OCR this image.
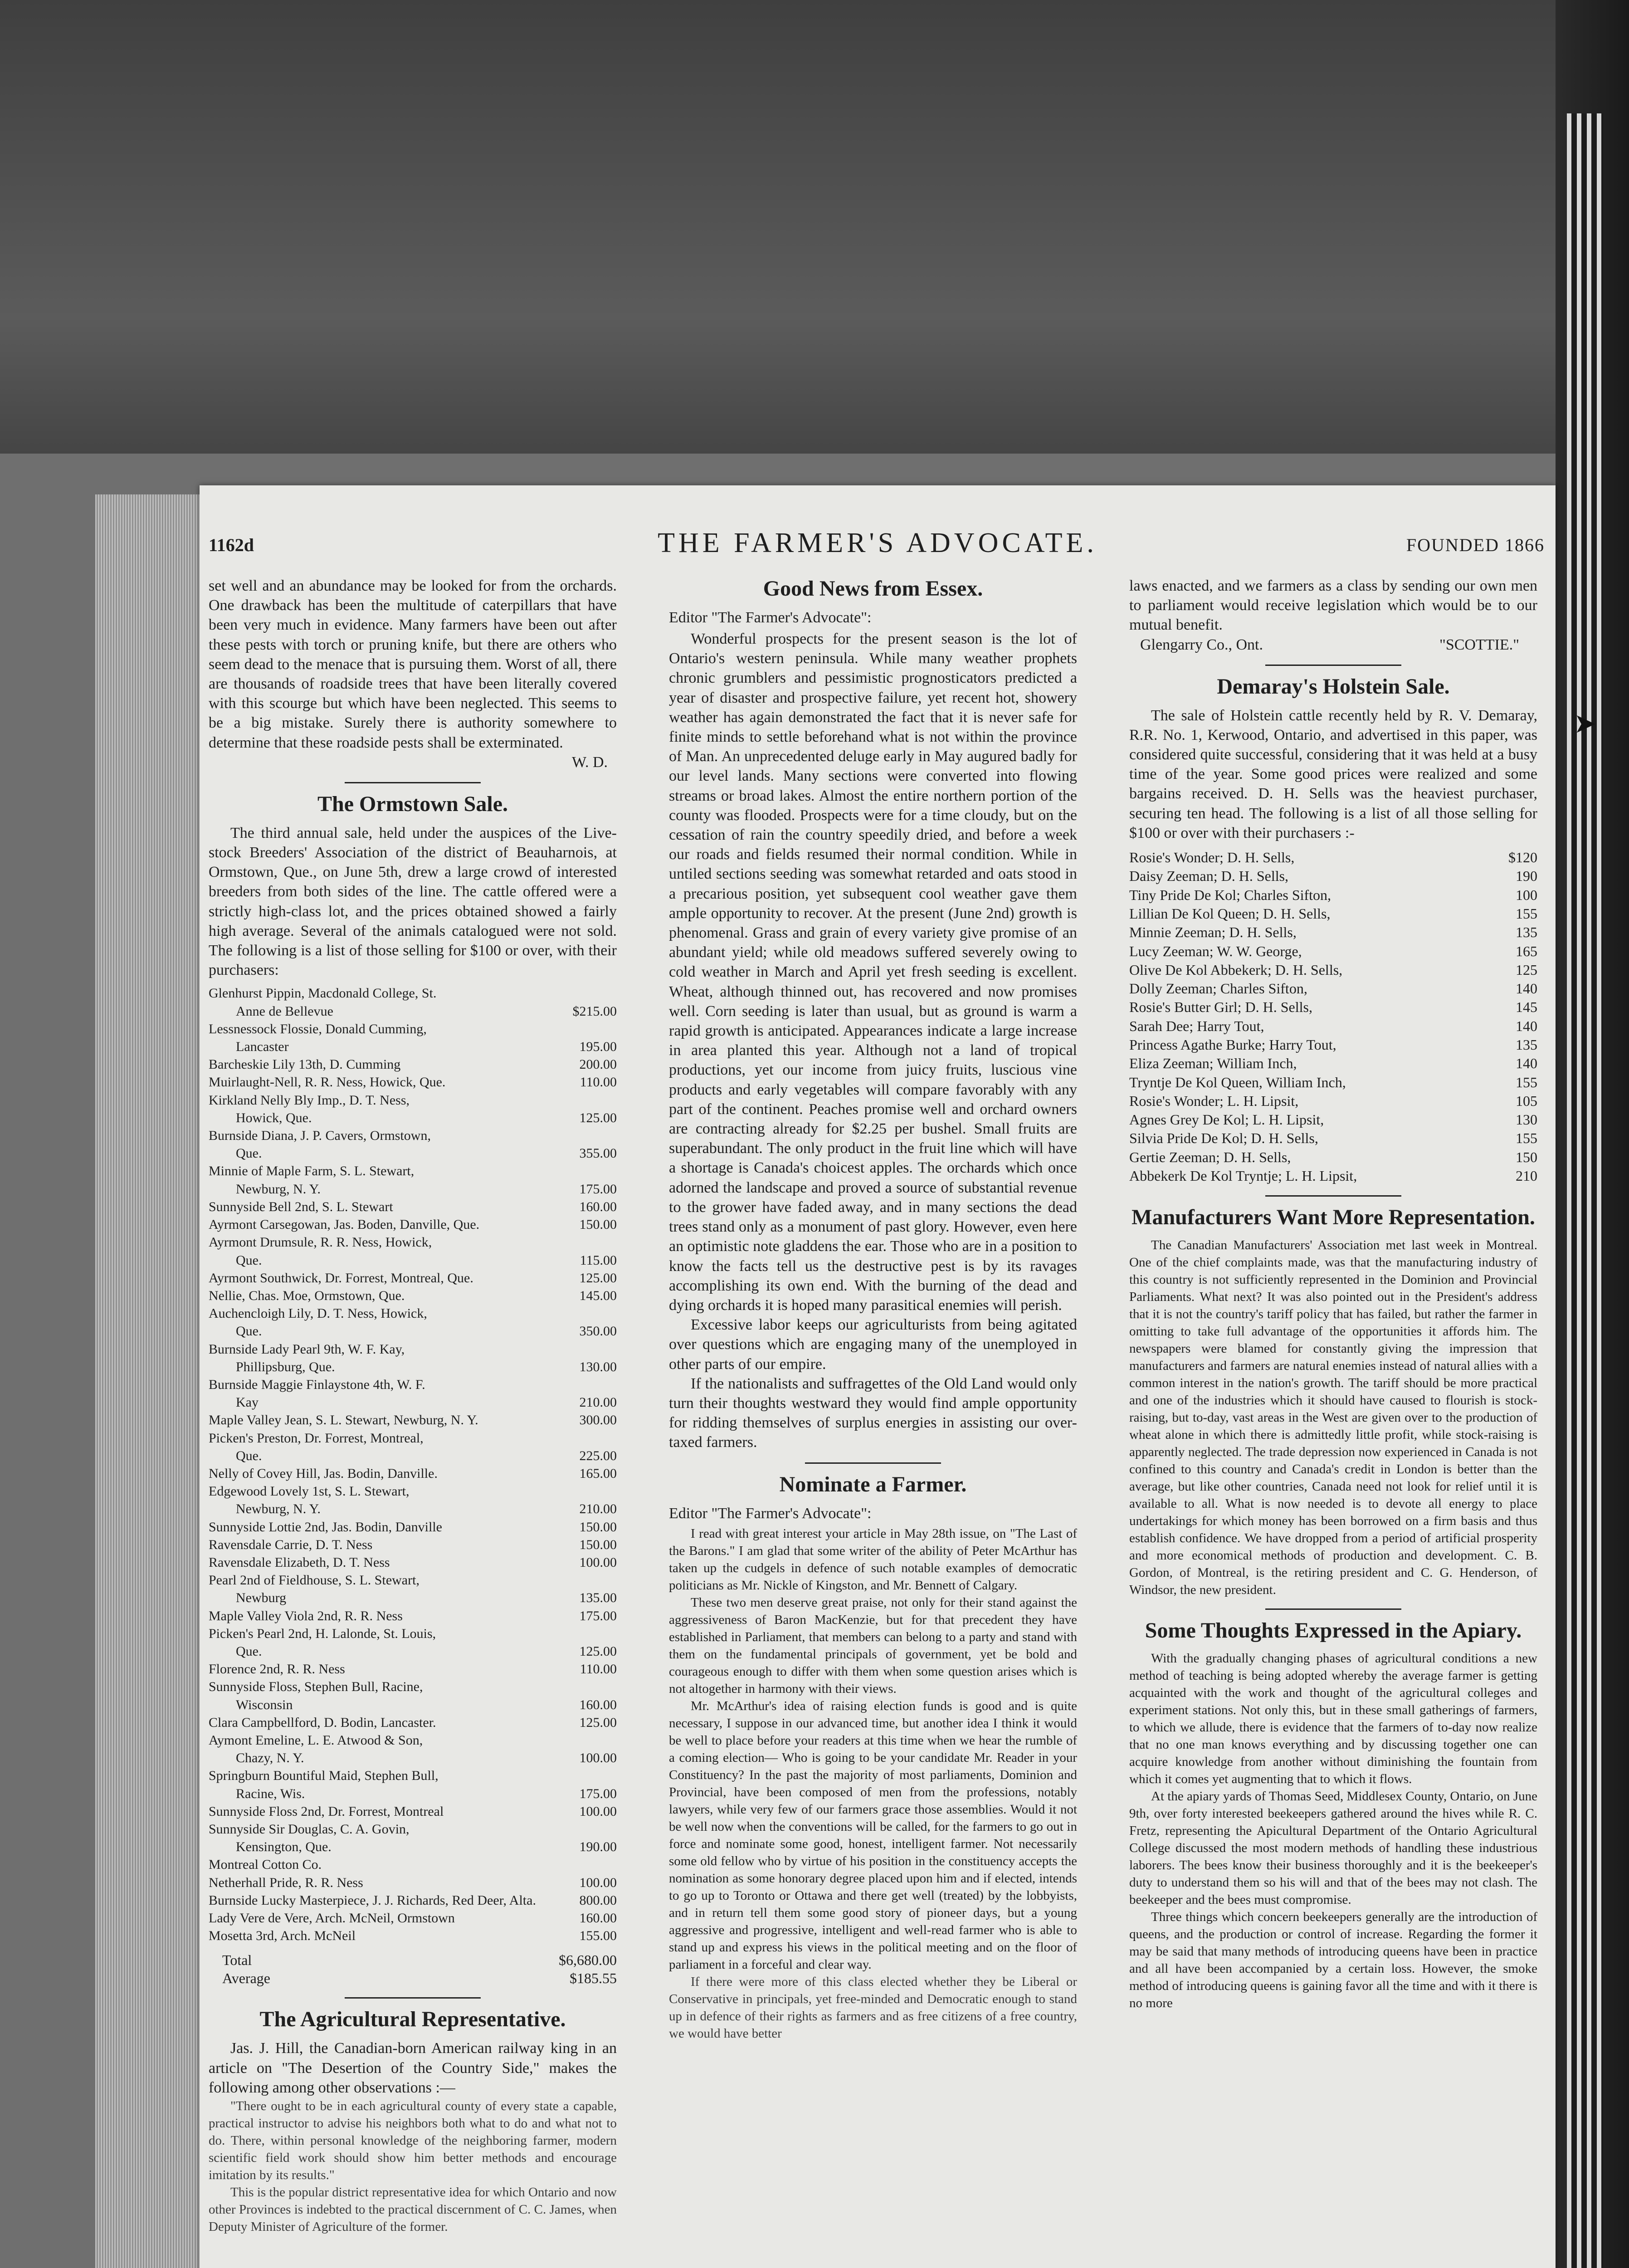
➤
1162d	THE FARMER'S ADVOCATE.	FOUNDED 1866

set well and an abundance may be looked for from the orchards. One drawback has been the multitude of caterpillars that have been very much in evidence. Many farmers have been out after these pests with torch or pruning knife, but there are others who seem dead to the menace that is pursuing them. Worst of all, there are thousands of roadside trees that have been literally covered with this scourge but which have been neglected. This seems to be a big mistake. Surely there is authority somewhere to determine that these roadside pests shall be exterminated.

W. D.
The Ormstown Sale.

The third annual sale, held under the auspices of the Live-stock Breeders' Association of the district of Beauharnois, at Ormstown, Que., on June 5th, drew a large crowd of interested breeders from both sides of the line. The cattle offered were a strictly high-class lot, and the prices obtained showed a fairly high average. Several of the animals catalogued were not sold. The following is a list of those selling for $100 or over, with their purchasers:

Glenhurst Pippin, Macdonald College, St.
Anne de Bellevue	$215.00
Lessnessock Flossie, Donald Cumming,
Lancaster	195.00
Barcheskie Lily 13th, D. Cumming	200.00
Muirlaught-Nell, R. R. Ness, Howick, Que.	110.00
Kirkland Nelly Bly Imp., D. T. Ness,
Howick, Que.	125.00
Burnside Diana, J. P. Cavers, Ormstown,
Que.	355.00
Minnie of Maple Farm, S. L. Stewart,
Newburg, N. Y.	175.00
Sunnyside Bell 2nd, S. L. Stewart	160.00
Ayrmont Carsegowan, Jas. Boden, Danville, Que.	150.00
Ayrmont Drumsule, R. R. Ness, Howick,
Que.	115.00
Ayrmont Southwick, Dr. Forrest, Montreal, Que.	125.00
Nellie, Chas. Moe, Ormstown, Que.	145.00
Auchencloigh Lily, D. T. Ness, Howick,
Que.	350.00
Burnside Lady Pearl 9th, W. F. Kay,
Phillipsburg, Que.	130.00
Burnside Maggie Finlaystone 4th, W. F.
Kay	210.00
Maple Valley Jean, S. L. Stewart, Newburg, N. Y.	300.00
Picken's Preston, Dr. Forrest, Montreal,
Que.	225.00
Nelly of Covey Hill, Jas. Bodin, Danville.	165.00
Edgewood Lovely 1st, S. L. Stewart,
Newburg, N. Y.	210.00
Sunnyside Lottie 2nd, Jas. Bodin, Danville	150.00
Ravensdale Carrie, D. T. Ness	150.00
Ravensdale Elizabeth, D. T. Ness	100.00
Pearl 2nd of Fieldhouse, S. L. Stewart,
Newburg	135.00
Maple Valley Viola 2nd, R. R. Ness	175.00
Picken's Pearl 2nd, H. Lalonde, St. Louis,
Que.	125.00
Florence 2nd, R. R. Ness	110.00
Sunnyside Floss, Stephen Bull, Racine,
Wisconsin	160.00
Clara Campbellford, D. Bodin, Lancaster.	125.00
Aymont Emeline, L. E. Atwood & Son,
Chazy, N. Y.	100.00
Springburn Bountiful Maid, Stephen Bull,
Racine, Wis.	175.00
Sunnyside Floss 2nd, Dr. Forrest, Montreal	100.00
Sunnyside Sir Douglas, C. A. Govin,
Kensington, Que.	190.00
Montreal Cotton Co.
Netherhall Pride, R. R. Ness	100.00
Burnside Lucky Masterpiece, J. J. Richards, Red Deer, Alta.	800.00
Lady Vere de Vere, Arch. McNeil, Ormstown	160.00
Mosetta 3rd, Arch. McNeil	155.00
Total	$6,680.00
Average	$185.55
The Agricultural Representative.

Jas. J. Hill, the Canadian-born American railway king in an article on "The Desertion of the Country Side," makes the following among other observations :—

"There ought to be in each agricultural county of every state a capable, practical instructor to advise his neighbors both what to do and what not to do. There, within personal knowledge of the neighboring farmer, modern scientific field work should show him better methods and encourage imitation by its results."

This is the popular district representative idea for which Ontario and now other Provinces is indebted to the practical discernment of C. C. James, when Deputy Minister of Agriculture of the former.

Good News from Essex.

Editor "The Farmer's Advocate":

Wonderful prospects for the present season is the lot of Ontario's western peninsula. While many weather prophets chronic grumblers and pessimistic prognosticators predicted a year of disaster and prospective failure, yet recent hot, showery weather has again demonstrated the fact that it is never safe for finite minds to settle beforehand what is not within the province of Man. An unprecedented deluge early in May augured badly for our level lands. Many sections were converted into flowing streams or broad lakes. Almost the entire northern portion of the county was flooded. Prospects were for a time cloudy, but on the cessation of rain the country speedily dried, and before a week our roads and fields resumed their normal condition. While in untiled sections seeding was somewhat retarded and oats stood in a precarious position, yet subsequent cool weather gave them ample opportunity to recover. At the present (June 2nd) growth is phenomenal. Grass and grain of every variety give promise of an abundant yield; while old meadows suffered severely owing to cold weather in March and April yet fresh seeding is excellent. Wheat, although thinned out, has recovered and now promises well. Corn seeding is later than usual, but as ground is warm a rapid growth is anticipated. Appearances indicate a large increase in area planted this year. Although not a land of tropical productions, yet our income from juicy fruits, luscious vine products and early vegetables will compare favorably with any part of the continent. Peaches promise well and orchard owners are contracting already for $2.25 per bushel. Small fruits are superabundant. The only product in the fruit line which will have a shortage is Canada's choicest apples. The orchards which once adorned the landscape and proved a source of substantial revenue to the grower have faded away, and in many sections the dead trees stand only as a monument of past glory. However, even here an optimistic note gladdens the ear. Those who are in a position to know the facts tell us the destructive pest is by its ravages accomplishing its own end. With the burning of the dead and dying orchards it is hoped many parasitical enemies will perish.

Excessive labor keeps our agriculturists from being agitated over questions which are engaging many of the unemployed in other parts of our empire.

If the nationalists and suffragettes of the Old Land would only turn their thoughts westward they would find ample opportunity for ridding themselves of surplus energies in assisting our over-taxed farmers.

Nominate a Farmer.

Editor "The Farmer's Advocate":

I read with great interest your article in May 28th issue, on "The Last of the Barons." I am glad that some writer of the ability of Peter McArthur has taken up the cudgels in defence of such notable examples of democratic politicians as Mr. Nickle of Kingston, and Mr. Bennett of Calgary.

These two men deserve great praise, not only for their stand against the aggressiveness of Baron MacKenzie, but for that precedent they have established in Parliament, that members can belong to a party and stand with them on the fundamental principals of government, yet be bold and courageous enough to differ with them when some question arises which is not altogether in harmony with their views.

Mr. McArthur's idea of raising election funds is good and is quite necessary, I suppose in our advanced time, but another idea I think it would be well to place before your readers at this time when we hear the rumble of a coming election— Who is going to be your candidate Mr. Reader in your Constituency? In the past the majority of most parliaments, Dominion and Provincial, have been composed of men from the professions, notably lawyers, while very few of our farmers grace those assemblies. Would it not be well now when the conventions will be called, for the farmers to go out in force and nominate some good, honest, intelligent farmer. Not necessarily some old fellow who by virtue of his position in the constituency accepts the nomination as some honorary degree placed upon him and if elected, intends to go up to Toronto or Ottawa and there get well (treated) by the lobbyists, and in return tell them some good story of pioneer days, but a young aggressive and progressive, intelligent and well-read farmer who is able to stand up and express his views in the political meeting and on the floor of parliament in a forceful and clear way.

If there were more of this class elected whether they be Liberal or Conservative in principals, yet free-minded and Democratic enough to stand up in defence of their rights as farmers and as free citizens of a free country, we would have better

laws enacted, and we farmers as a class by sending our own men to parliament would receive legislation which would be to our mutual benefit.

Glengarry Co., Ont.	"SCOTTIE."
Demaray's Holstein Sale.

The sale of Holstein cattle recently held by R. V. Demaray, R.R. No. 1, Kerwood, Ontario, and advertised in this paper, was considered quite successful, considering that it was held at a busy time of the year. Some good prices were realized and some bargains received. D. H. Sells was the heaviest purchaser, securing ten head. The following is a list of all those selling for $100 or over with their purchasers :-

Rosie's Wonder; D. H. Sells,	$120
Daisy Zeeman; D. H. Sells,	190
Tiny Pride De Kol; Charles Sifton,	100
Lillian De Kol Queen; D. H. Sells,	155
Minnie Zeeman; D. H. Sells,	135
Lucy Zeeman; W. W. George,	165
Olive De Kol Abbekerk; D. H. Sells,	125
Dolly Zeeman; Charles Sifton,	140
Rosie's Butter Girl; D. H. Sells,	145
Sarah Dee; Harry Tout,	140
Princess Agathe Burke; Harry Tout,	135
Eliza Zeeman; William Inch,	140
Tryntje De Kol Queen, William Inch,	155
Rosie's Wonder; L. H. Lipsit,	105
Agnes Grey De Kol; L. H. Lipsit,	130
Silvia Pride De Kol; D. H. Sells,	155
Gertie Zeeman; D. H. Sells,	150
Abbekerk De Kol Tryntje; L. H. Lipsit,	210
Manufacturers Want More Representation.

The Canadian Manufacturers' Association met last week in Montreal. One of the chief complaints made, was that the manufacturing industry of this country is not sufficiently represented in the Dominion and Provincial Parliaments. What next? It was also pointed out in the President's address that it is not the country's tariff policy that has failed, but rather the farmer in omitting to take full advantage of the opportunities it affords him. The newspapers were blamed for constantly giving the impression that manufacturers and farmers are natural enemies instead of natural allies with a common interest in the nation's growth. The tariff should be more practical and one of the industries which it should have caused to flourish is stock-raising, but to-day, vast areas in the West are given over to the production of wheat alone in which there is admittedly little profit, while stock-raising is apparently neglected. The trade depression now experienced in Canada is not confined to this country and Canada's credit in London is better than the average, but like other countries, Canada need not look for relief until it is available to all. What is now needed is to devote all energy to place undertakings for which money has been borrowed on a firm basis and thus establish confidence. We have dropped from a period of artificial prosperity and more economical methods of production and development. C. B. Gordon, of Montreal, is the retiring president and C. G. Henderson, of Windsor, the new president.

Some Thoughts Expressed in the Apiary.

With the gradually changing phases of agricultural conditions a new method of teaching is being adopted whereby the average farmer is getting acquainted with the work and thought of the agricultural colleges and experiment stations. Not only this, but in these small gatherings of farmers, to which we allude, there is evidence that the farmers of to-day now realize that no one man knows everything and by discussing together one can acquire knowledge from another without diminishing the fountain from which it comes yet augmenting that to which it flows.

At the apiary yards of Thomas Seed, Middlesex County, Ontario, on June 9th, over forty interested beekeepers gathered around the hives while R. C. Fretz, representing the Apicultural Department of the Ontario Agricultural College discussed the most modern methods of handling these industrious laborers. The bees know their business thoroughly and it is the beekeeper's duty to understand them so his will and that of the bees may not clash. The beekeeper and the bees must compromise.

Three things which concern beekeepers generally are the introduction of queens, and the production or control of increase. Regarding the former it may be said that many methods of introducing queens have been in practice and all have been accompanied by a certain loss. However, the smoke method of introducing queens is gaining favor all the time and with it there is no more
